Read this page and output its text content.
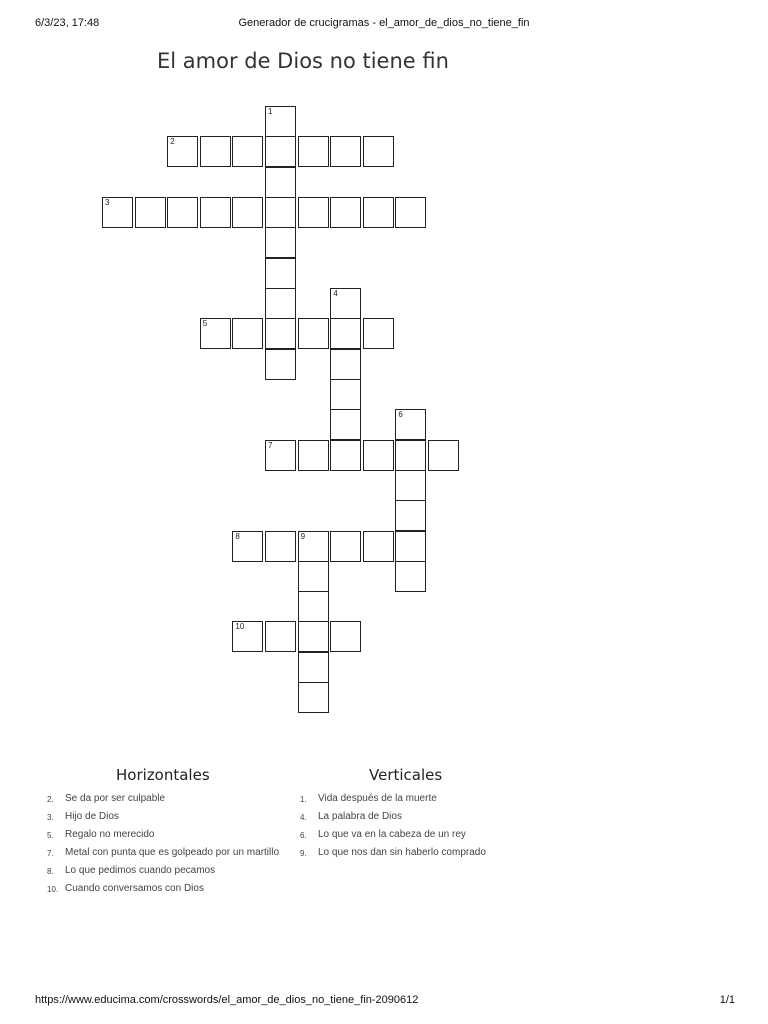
6/3/23, 17:48	Generador de crucigramas - el_amor_de_dios_no_tiene_fin
El amor de Dios no tiene fin
1
2
3
4
5
6
7
8	9
10
Horizontales
2. Se da por ser culpable
3. Hijo de Dios
5. Regalo no merecido
7. Metal con punta que es golpeado por un martillo
8. Lo que pedimos cuando pecamos
10. Cuando conversamos con Dios
Verticales
1. Vida después de la muerte
4. La palabra de Dios
6. Lo que va en la cabeza de un rey
9. Lo que nos dan sin haberlo comprado
https://www.educima.com/crosswords/el_amor_de_dios_no_tiene_fin-2090612	1/1
